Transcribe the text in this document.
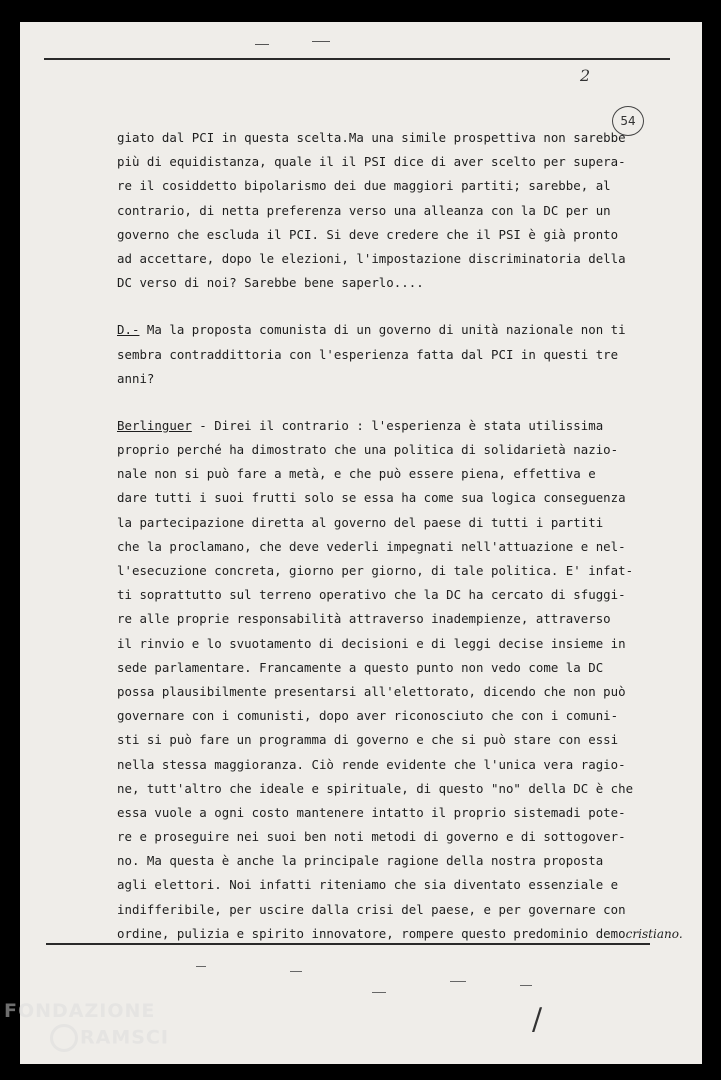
2
54
giato dal PCI in questa scelta.Ma una simile prospettiva non sarebbe
più di equidistanza, quale il il PSI dice di aver scelto per supera-
re il cosiddetto bipolarismo dei due maggiori partiti; sarebbe, al
contrario, di netta preferenza verso una alleanza con la DC per un
governo che escluda il PCI. Si deve credere che il PSI è già pronto
ad accettare, dopo le elezioni, l'impostazione discriminatoria della
DC verso di noi? Sarebbe bene saperlo....
D.- Ma la proposta comunista di un governo di unità nazionale non ti
sembra contraddittoria con l'esperienza fatta dal PCI in questi tre
anni?
Berlinguer - Direi il contrario : l'esperienza è stata utilissima
proprio perché ha dimostrato che una politica di solidarietà nazio-
nale non si può fare a metà, e che può essere piena, effettiva e
dare tutti i suoi frutti solo se essa ha come sua logica conseguenza
la partecipazione diretta al governo del paese di tutti i partiti
che la proclamano, che deve vederli impegnati nell'attuazione e nel-
l'esecuzione concreta, giorno per giorno, di tale politica. E' infat-
ti soprattutto sul terreno operativo che la DC ha cercato di sfuggi-
re alle proprie responsabilità attraverso inadempienze, attraverso
il rinvio e lo svuotamento di decisioni e di leggi decise insieme in
sede parlamentare. Francamente a questo punto non vedo come la DC
possa plausibilmente presentarsi all'elettorato, dicendo che non può
governare con i comunisti, dopo aver riconosciuto che con i comuni-
sti si può fare un programma di governo e che si può stare con essi
nella stessa maggioranza. Ciò rende evidente che l'unica vera ragio-
ne, tutt'altro che ideale e spirituale, di questo "no" della DC è che
essa vuole a ogni costo mantenere intatto il proprio sistemadi pote-
re e proseguire nei suoi ben noti metodi di governo e di sottogover-
no. Ma questa è anche la principale ragione della nostra proposta
agli elettori. Noi infatti riteniamo che sia diventato essenziale e
indifferibile, per uscire dalla crisi del paese, e per governare con
ordine, pulizia e spirito innovatore, rompere questo predominio democristiano.
/
FONDAZIONE
RAMSCI
